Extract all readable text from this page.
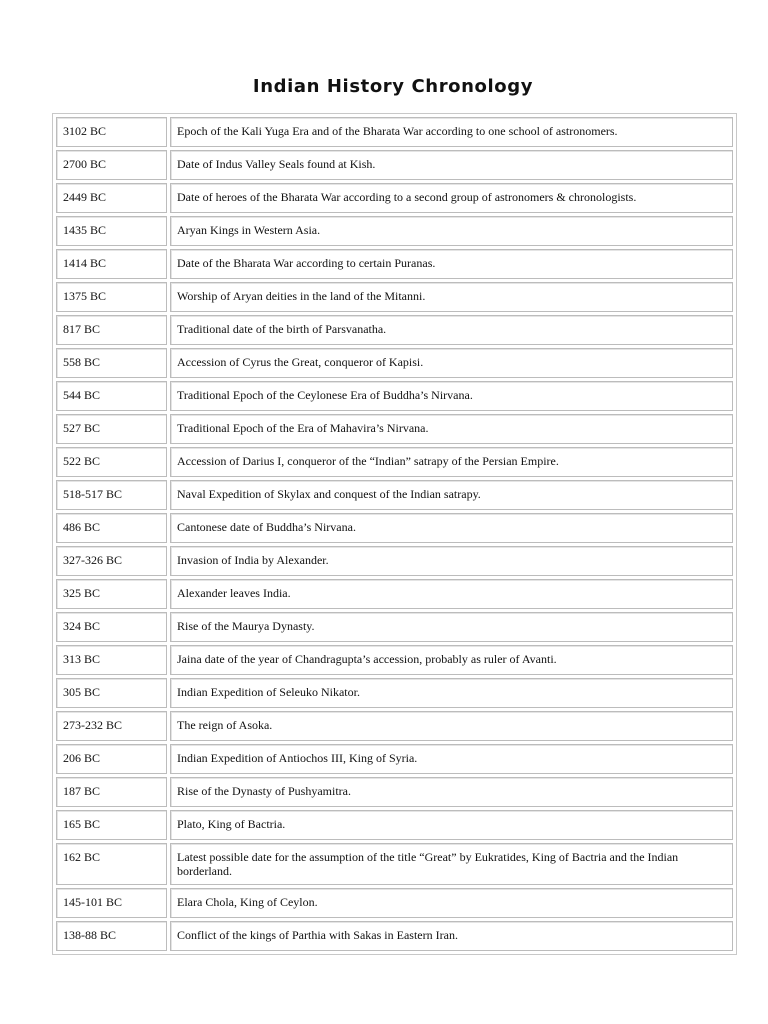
Indian History Chronology
3102 BC	Epoch of the Kali Yuga Era and of the Bharata War according to one school of astronomers.
2700 BC	Date of Indus Valley Seals found at Kish.
2449 BC	Date of heroes of the Bharata War according to a second group of astronomers & chronologists.
1435 BC	Aryan Kings in Western Asia.
1414 BC	Date of the Bharata War according to certain Puranas.
1375 BC	Worship of Aryan deities in the land of the Mitanni.
817 BC	Traditional date of the birth of Parsvanatha.
558 BC	Accession of Cyrus the Great, conqueror of Kapisi.
544 BC	Traditional Epoch of the Ceylonese Era of Buddha’s Nirvana.
527 BC	Traditional Epoch of the Era of Mahavira’s Nirvana.
522 BC	Accession of Darius I, conqueror of the “Indian” satrapy of the Persian Empire.
518-517 BC	Naval Expedition of Skylax and conquest of the Indian satrapy.
486 BC	Cantonese date of Buddha’s Nirvana.
327-326 BC	Invasion of India by Alexander.
325 BC	Alexander leaves India.
324 BC	Rise of the Maurya Dynasty.
313 BC	Jaina date of the year of Chandragupta’s accession, probably as ruler of Avanti.
305 BC	Indian Expedition of Seleuko Nikator.
273-232 BC	The reign of Asoka.
206 BC	Indian Expedition of Antiochos III, King of Syria.
187 BC	Rise of the Dynasty of Pushyamitra.
165 BC	Plato, King of Bactria.
162 BC	Latest possible date for the assumption of the title “Great” by Eukratides, King of Bactria and the Indian borderland.
145-101 BC	Elara Chola, King of Ceylon.
138-88 BC	Conflict of the kings of Parthia with Sakas in Eastern Iran.
